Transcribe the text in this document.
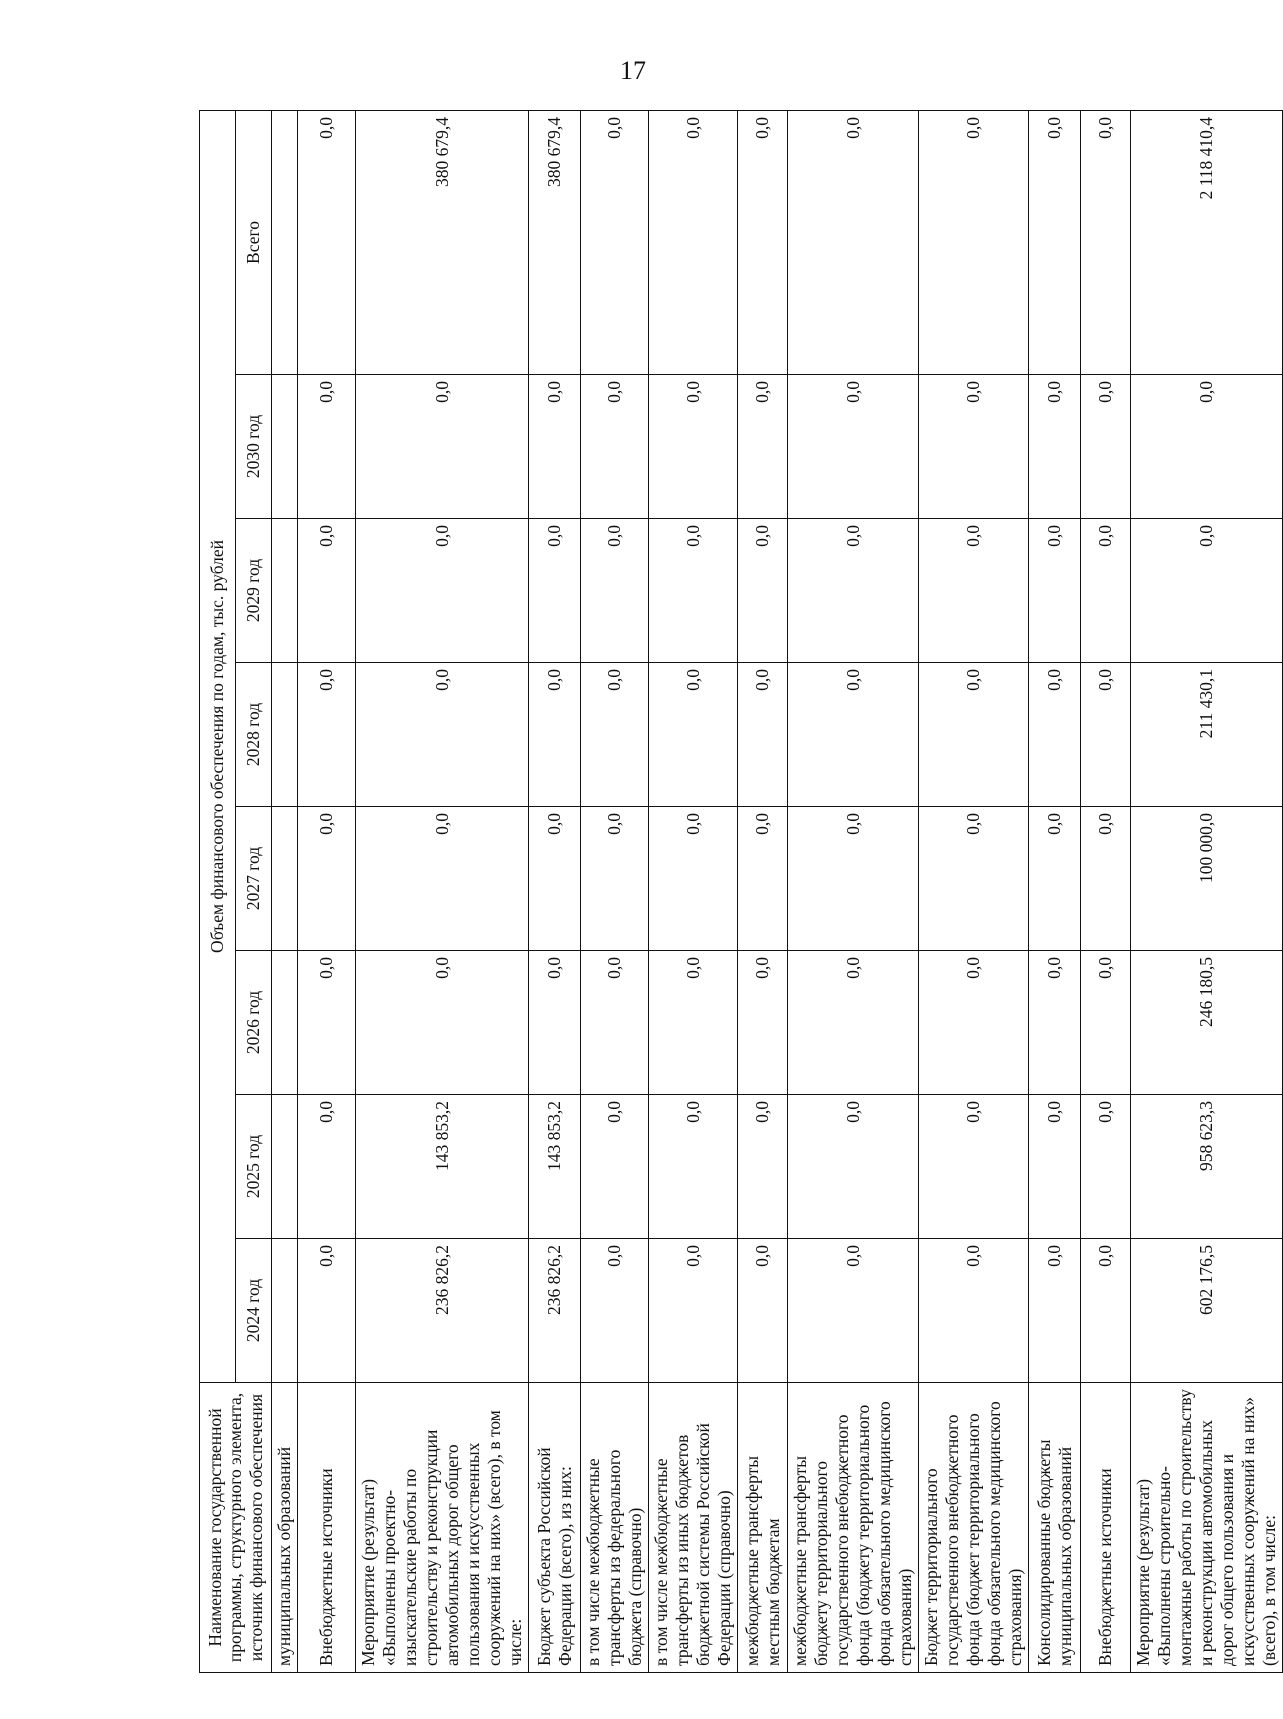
17
Наименование государственной программы, структурного элемента, источник финансового обеспечения	Объем финансового обеспечения по годам, тыс. рублей							
	2024 год	2025 год	2026 год	2027 год	2028 год	2029 год	2030 год	Всего
муниципальных образований								
Внебюджетные источники	0,0	0,0	0,0	0,0	0,0	0,0	0,0	0,0
Мероприятие (результат) «Выполнены проектно-изыскательские работы по строительству и реконструкции автомобильных дорог общего пользования и искусственных сооружений на них» (всего), в том числе:	236 826,2	143 853,2	0,0	0,0	0,0	0,0	0,0	380 679,4
Бюджет субъекта Российской Федерации (всего), из них:	236 826,2	143 853,2	0,0	0,0	0,0	0,0	0,0	380 679,4
в том числе межбюджетные трансферты из федерального бюджета (справочно)	0,0	0,0	0,0	0,0	0,0	0,0	0,0	0,0
в том числе межбюджетные трансферты из иных бюджетов бюджетной системы Российской Федерации (справочно)	0,0	0,0	0,0	0,0	0,0	0,0	0,0	0,0
межбюджетные трансферты местным бюджетам	0,0	0,0	0,0	0,0	0,0	0,0	0,0	0,0
межбюджетные трансферты бюджету территориального государственного внебюджетного фонда (бюджету территориального фонда обязательного медицинского страхования)	0,0	0,0	0,0	0,0	0,0	0,0	0,0	0,0
Бюджет территориального государственного внебюджетного фонда (бюджет территориального фонда обязательного медицинского страхования)	0,0	0,0	0,0	0,0	0,0	0,0	0,0	0,0
Консолидированные бюджеты муниципальных образований	0,0	0,0	0,0	0,0	0,0	0,0	0,0	0,0
Внебюджетные источники	0,0	0,0	0,0	0,0	0,0	0,0	0,0	0,0
Мероприятие (результат) «Выполнены строительно-монтажные работы по строительству и реконструкции автомобильных дорог общего пользования и искусственных сооружений на них» (всего), в том числе:	602 176,5	958 623,3	246 180,5	100 000,0	211 430,1	0,0	0,0	2 118 410,4
